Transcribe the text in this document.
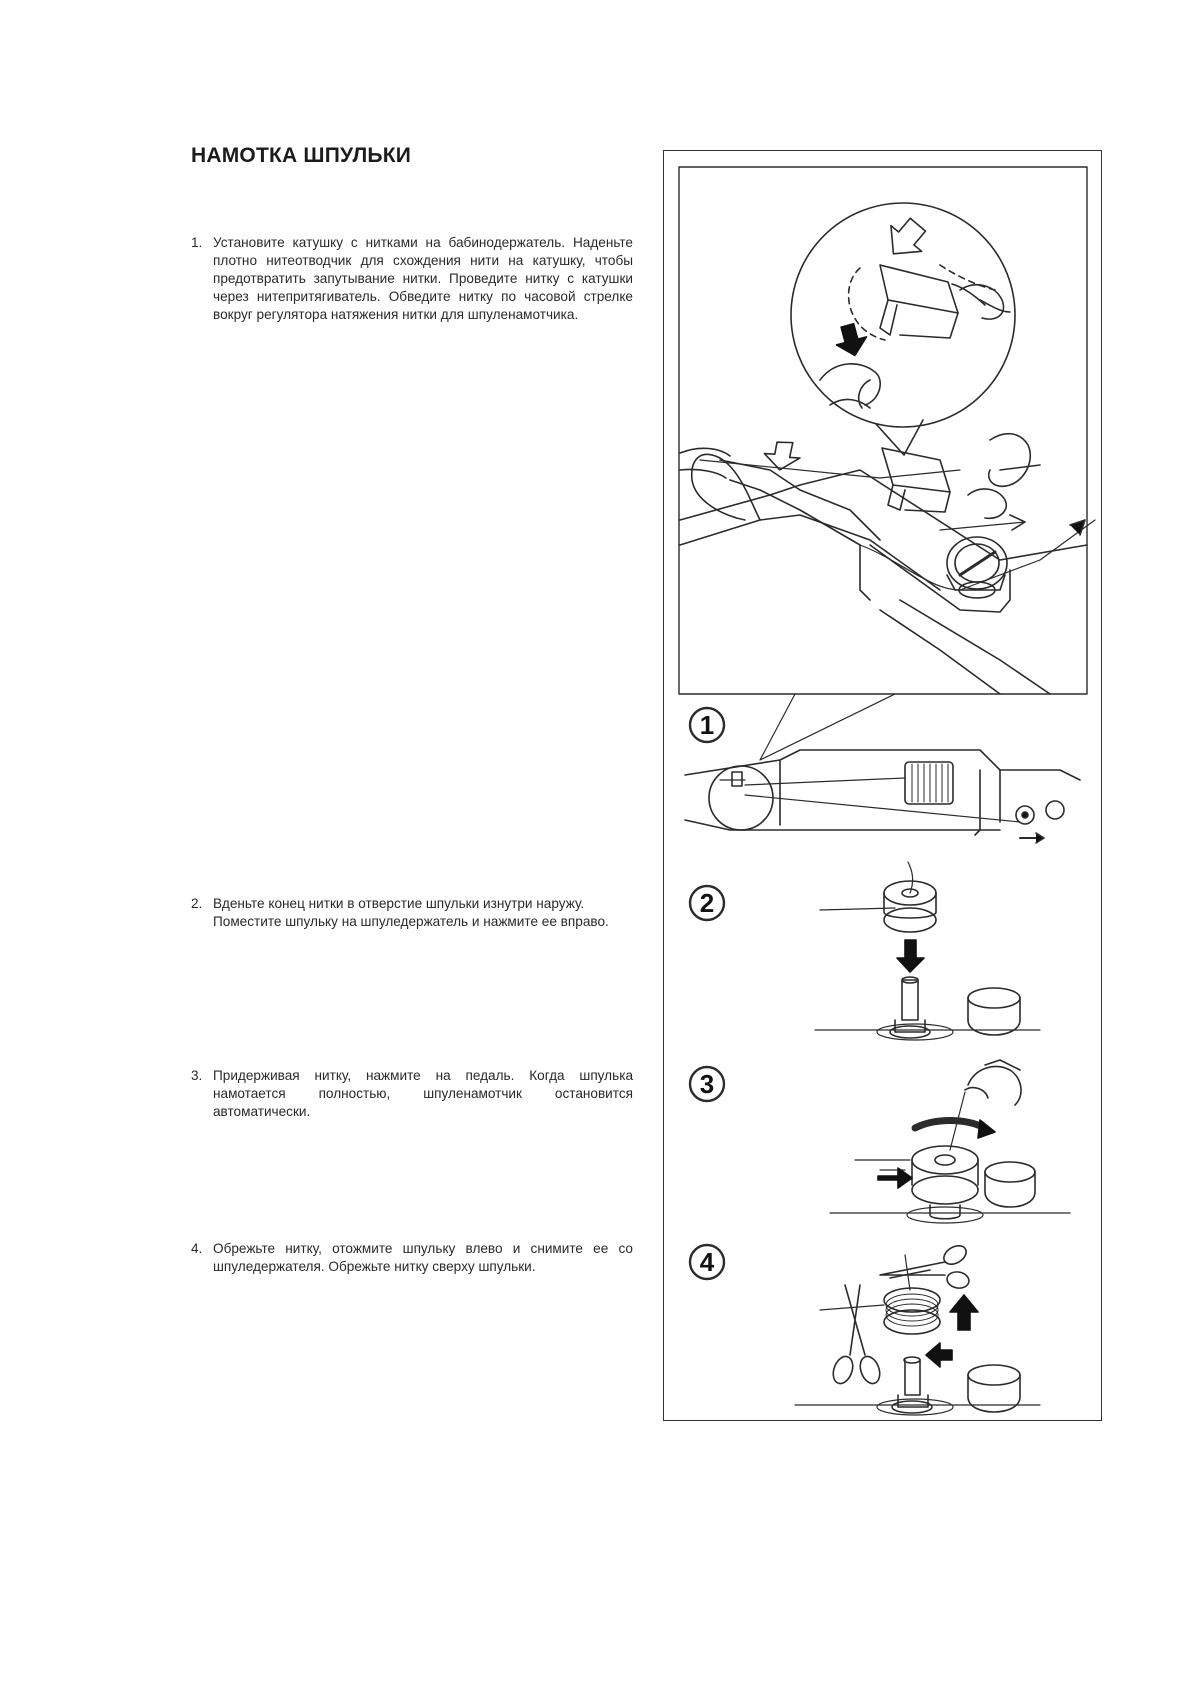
НАМОТКА ШПУЛЬКИ
1. Установите катушку с нитками на бабинодержатель. Наденьте плотно нитеотводчик для схождения нити на катушку, чтобы предотвратить запутывание нитки. Проведите нитку с катушки через нитепритягиватель. Обведите нитку по часовой стрелке вокруг регулятора натяжения нитки для шпуленамотчика.

2. Вденьте конец нитки в отверстие шпульки изнутри наружу.

Поместите шпульку на шпуледержатель и нажмите ее вправо.

3. Придерживая нитку, нажмите на педаль. Когда шпулька намотается полностью, шпуленамотчик остановится автоматически.

4. Обрежьте нитку, отожмите шпульку влево и снимите ее со шпуледержателя. Обрежьте нитку сверху шпульки.

1
2
3
4
